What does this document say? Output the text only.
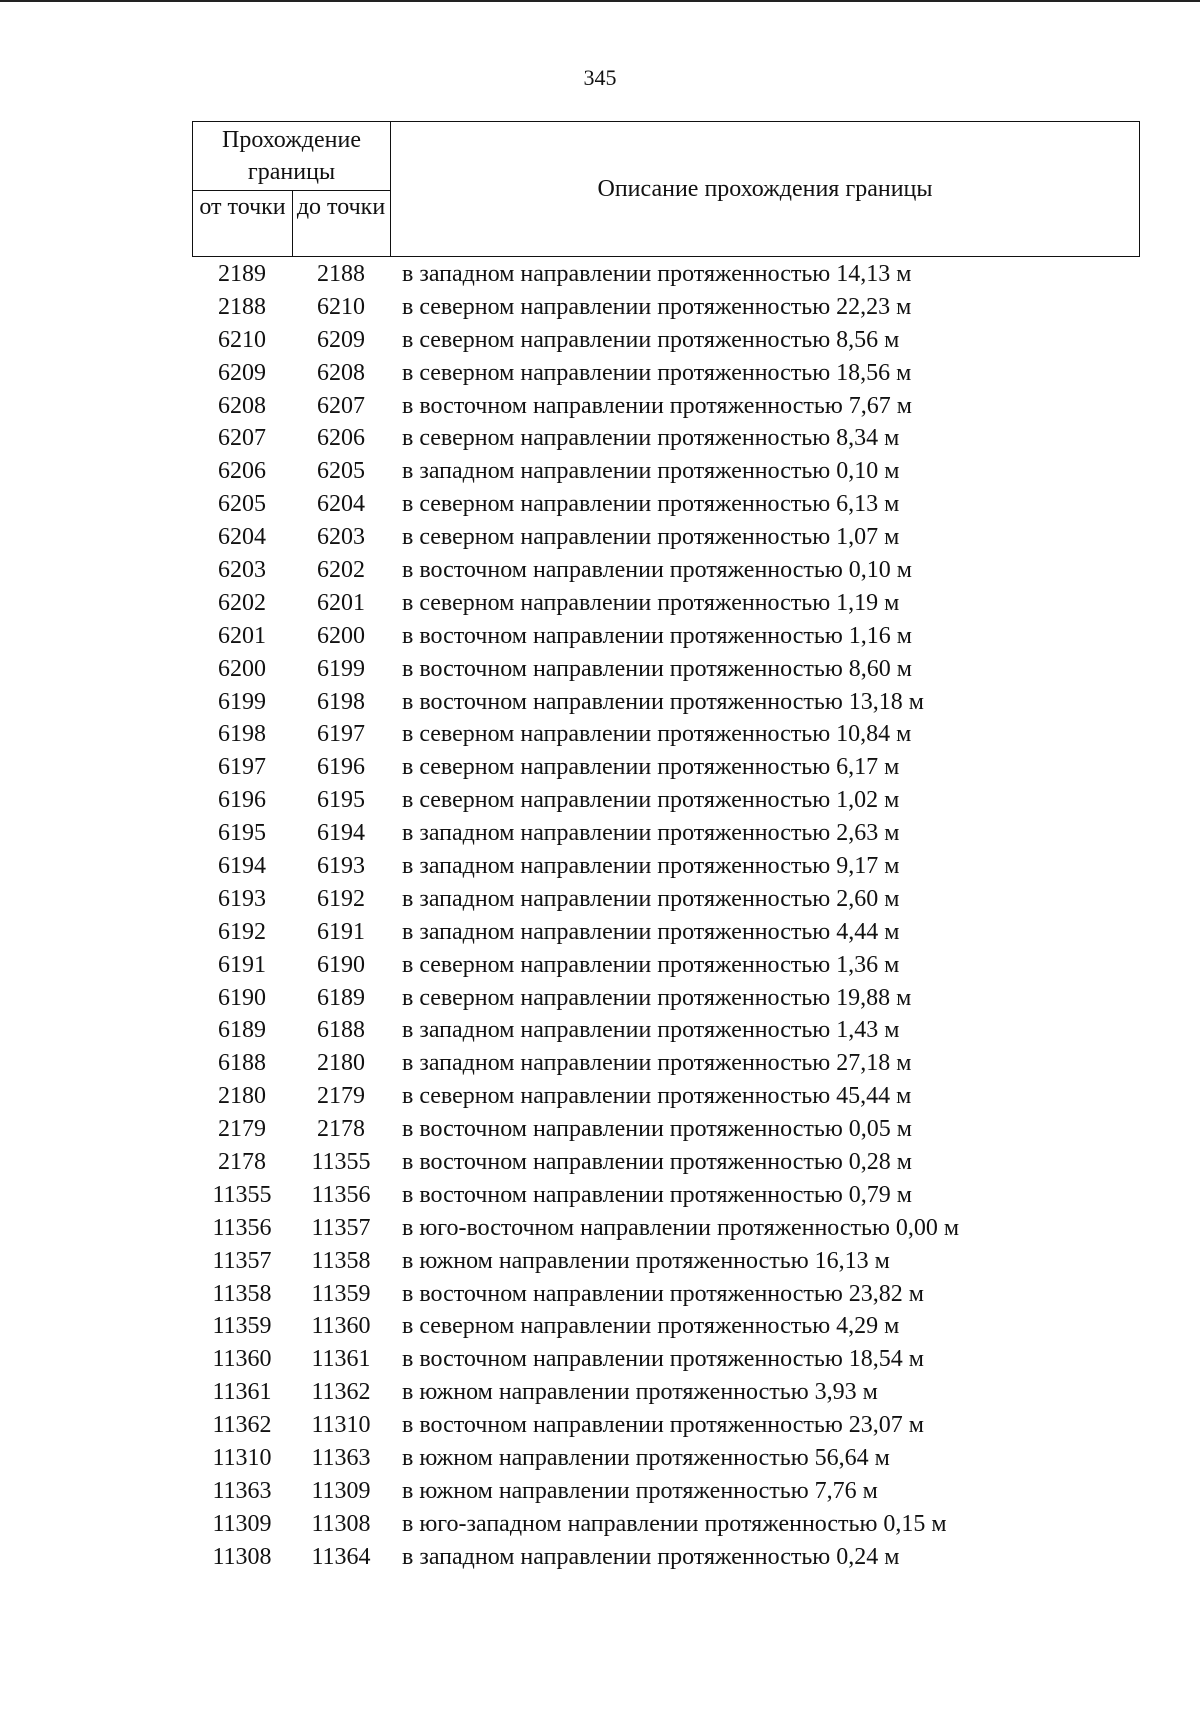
345
Прохождение границы
от точки до точки
Описание прохождения границы
2189	2188	в западном направлении протяженностью 14,13 м
2188	6210	в северном направлении протяженностью 22,23 м
6210	6209	в северном направлении протяженностью 8,56 м
6209	6208	в северном направлении протяженностью 18,56 м
6208	6207	в восточном направлении протяженностью 7,67 м
6207	6206	в северном направлении протяженностью 8,34 м
6206	6205	в западном направлении протяженностью 0,10 м
6205	6204	в северном направлении протяженностью 6,13 м
6204	6203	в северном направлении протяженностью 1,07 м
6203	6202	в восточном направлении протяженностью 0,10 м
6202	6201	в северном направлении протяженностью 1,19 м
6201	6200	в восточном направлении протяженностью 1,16 м
6200	6199	в восточном направлении протяженностью 8,60 м
6199	6198	в восточном направлении протяженностью 13,18 м
6198	6197	в северном направлении протяженностью 10,84 м
6197	6196	в северном направлении протяженностью 6,17 м
6196	6195	в северном направлении протяженностью 1,02 м
6195	6194	в западном направлении протяженностью 2,63 м
6194	6193	в западном направлении протяженностью 9,17 м
6193	6192	в западном направлении протяженностью 2,60 м
6192	6191	в западном направлении протяженностью 4,44 м
6191	6190	в северном направлении протяженностью 1,36 м
6190	6189	в северном направлении протяженностью 19,88 м
6189	6188	в западном направлении протяженностью 1,43 м
6188	2180	в западном направлении протяженностью 27,18 м
2180	2179	в северном направлении протяженностью 45,44 м
2179	2178	в восточном направлении протяженностью 0,05 м
2178	11355	в восточном направлении протяженностью 0,28 м
11355	11356	в восточном направлении протяженностью 0,79 м
11356	11357	в юго-восточном направлении протяженностью 0,00 м
11357	11358	в южном направлении протяженностью 16,13 м
11358	11359	в восточном направлении протяженностью 23,82 м
11359	11360	в северном направлении протяженностью 4,29 м
11360	11361	в восточном направлении протяженностью 18,54 м
11361	11362	в южном направлении протяженностью 3,93 м
11362	11310	в восточном направлении протяженностью 23,07 м
11310	11363	в южном направлении протяженностью 56,64 м
11363	11309	в южном направлении протяженностью 7,76 м
11309	11308	в юго-западном направлении протяженностью 0,15 м
11308	11364	в западном направлении протяженностью 0,24 м
